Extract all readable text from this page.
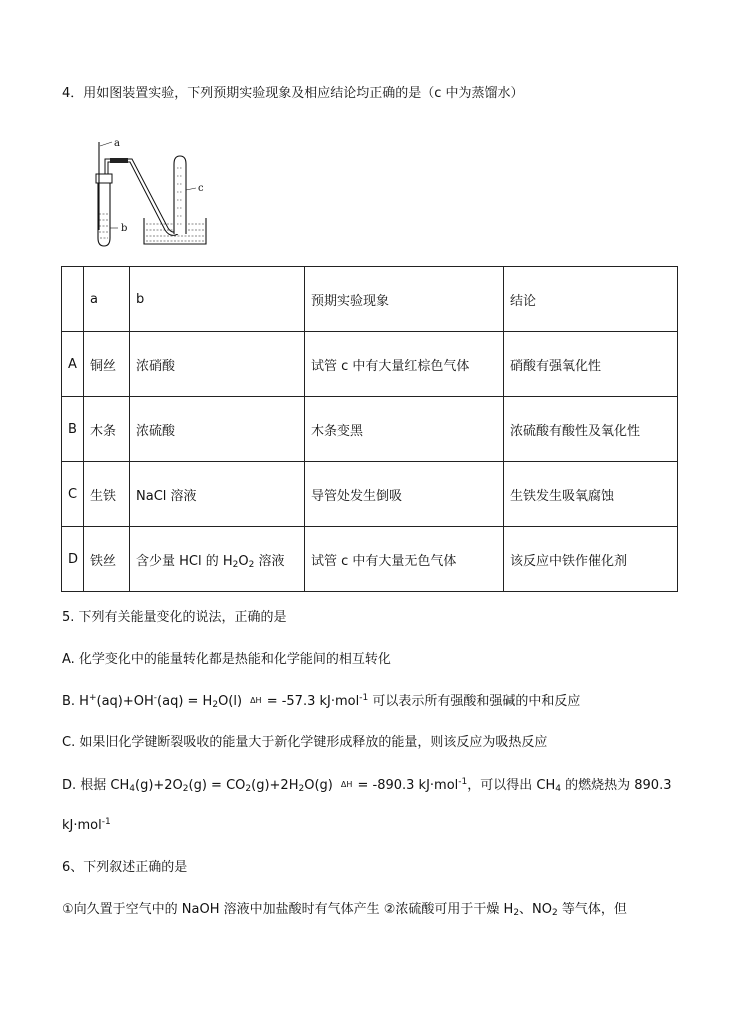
4．用如图装置实验，下列预期实验现象及相应结论均正确的是（c 中为蒸馏水）
a
b
c
	a	b	预期实验现象	结论
A	铜丝	浓硝酸	试管 c 中有大量红棕色气体	硝酸有强氧化性
B	木条	浓硫酸	木条变黑	浓硫酸有酸性及氧化性
C	生铁	NaCl 溶液	导管处发生倒吸	生铁发生吸氧腐蚀
D	铁丝	含少量 HCl 的 $H_2O_2$ 溶液	试管 c 中有大量无色气体	该反应中铁作催化剂
5. 下列有关能量变化的说法，正确的是
A. 化学变化中的能量转化都是热能和化学能间的相互转化
B. $H^+(aq)+OH^-(aq) = H_2O(l) \Delta H = -57.3$ kJ·mol$^{-1}$ 可以表示所有强酸和强碱的中和反应
C. 如果旧化学键断裂吸收的能量大于新化学键形成释放的能量，则该反应为吸热反应
D. 根据 $CH_4(g)+2O_2(g) = CO_2(g)+2H_2O(g) \Delta H = -890.3$ kJ·mol$^{-1}$，可以得出 $CH_4$ 的燃烧热为 890.3
kJ·mol$^{-1}$
6、下列叙述正确的是
①向久置于空气中的 NaOH 溶液中加盐酸时有气体产生 ②浓硫酸可用于干燥 $H_2$、$NO_2$ 等气体，但
